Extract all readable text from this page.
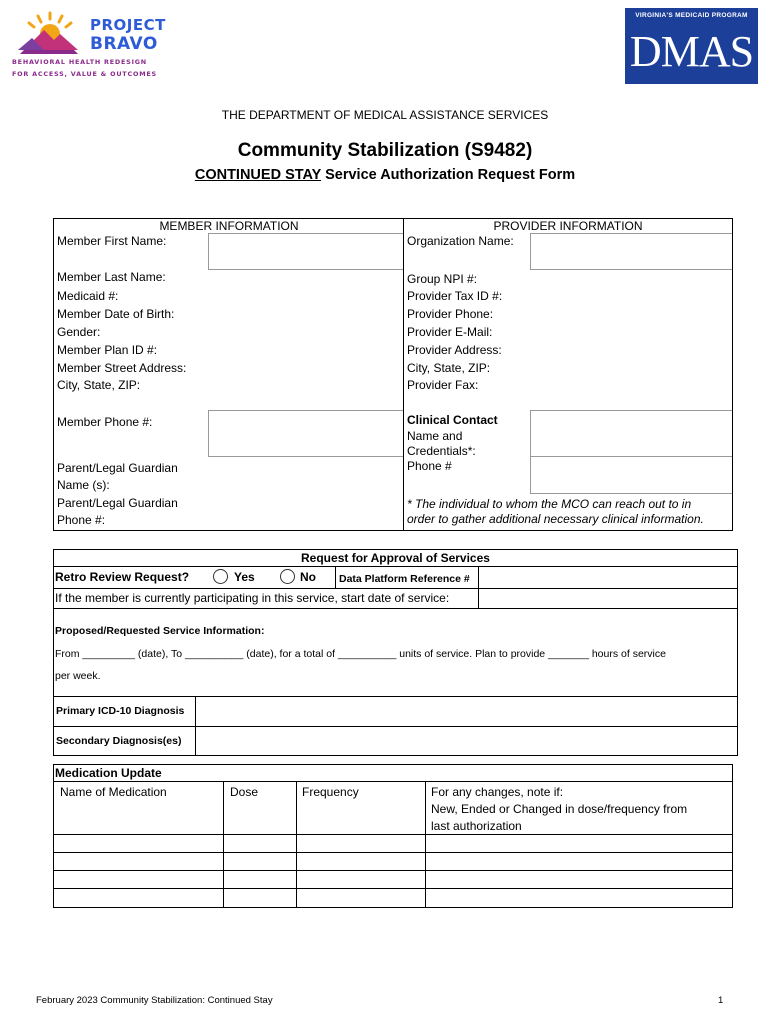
PROJECT
BRAVO
BEHAVIORAL HEALTH REDESIGN
FOR ACCESS, VALUE & OUTCOMES
VIRGINIA'S MEDICAID PROGRAM
DMAS
THE DEPARTMENT OF MEDICAL ASSISTANCE SERVICES
Community Stabilization (S9482)
CONTINUED STAY Service Authorization Request Form
MEMBER INFORMATION
Member First Name:
Member Last Name:
Medicaid #:
Member Date of Birth:
Gender:
Member Plan ID #:
Member Street Address:
City, State, ZIP:
Member Phone #:
Parent/Legal Guardian
Name (s):
Parent/Legal Guardian
Phone #:
PROVIDER INFORMATION
Organization Name:
Group NPI #:
Provider Tax ID #:
Provider Phone:
Provider E-Mail:
Provider Address:
City, State, ZIP:
Provider Fax:
Clinical Contact
Name and
Credentials*:
Phone #
* The individual to whom the MCO can reach out to in
order to gather additional necessary clinical information.
Request for Approval of Services
Retro Review Request?	Yes	No Data Platform Reference #
If the member is currently participating in this service, start date of service:
Proposed/Requested Service Information:
From _________ (date), To __________ (date), for a total of __________ units of service. Plan to provide _______ hours of service
per week.
Primary ICD-10 Diagnosis
Secondary Diagnosis(es)
Medication Update
Name of Medication	Dose	Frequency	For any changes, note if:
New, Ended or Changed in dose/frequency from
last authorization
February 2023 Community Stabilization: Continued Stay	1
